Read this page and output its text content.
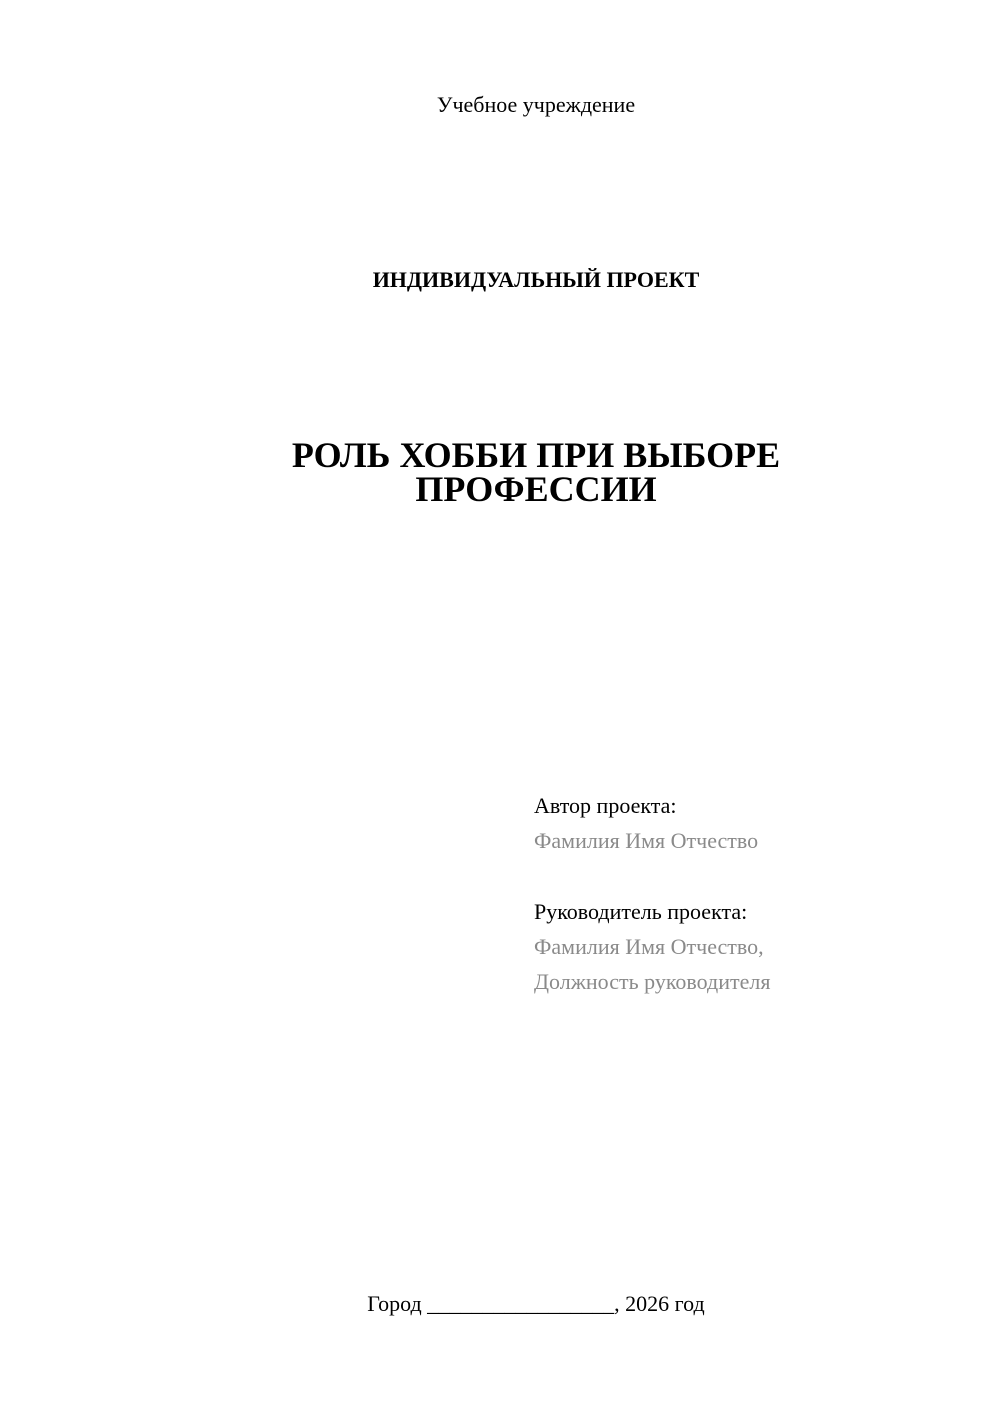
Учебное учреждение
ИНДИВИДУАЛЬНЫЙ ПРОЕКТ
РОЛЬ ХОББИ ПРИ ВЫБОРЕ
ПРОФЕССИИ
Автор проекта:
Фамилия Имя Отчество
Руководитель проекта:
Фамилия Имя Отчество,
Должность руководителя
Город _________________, 2026 год
